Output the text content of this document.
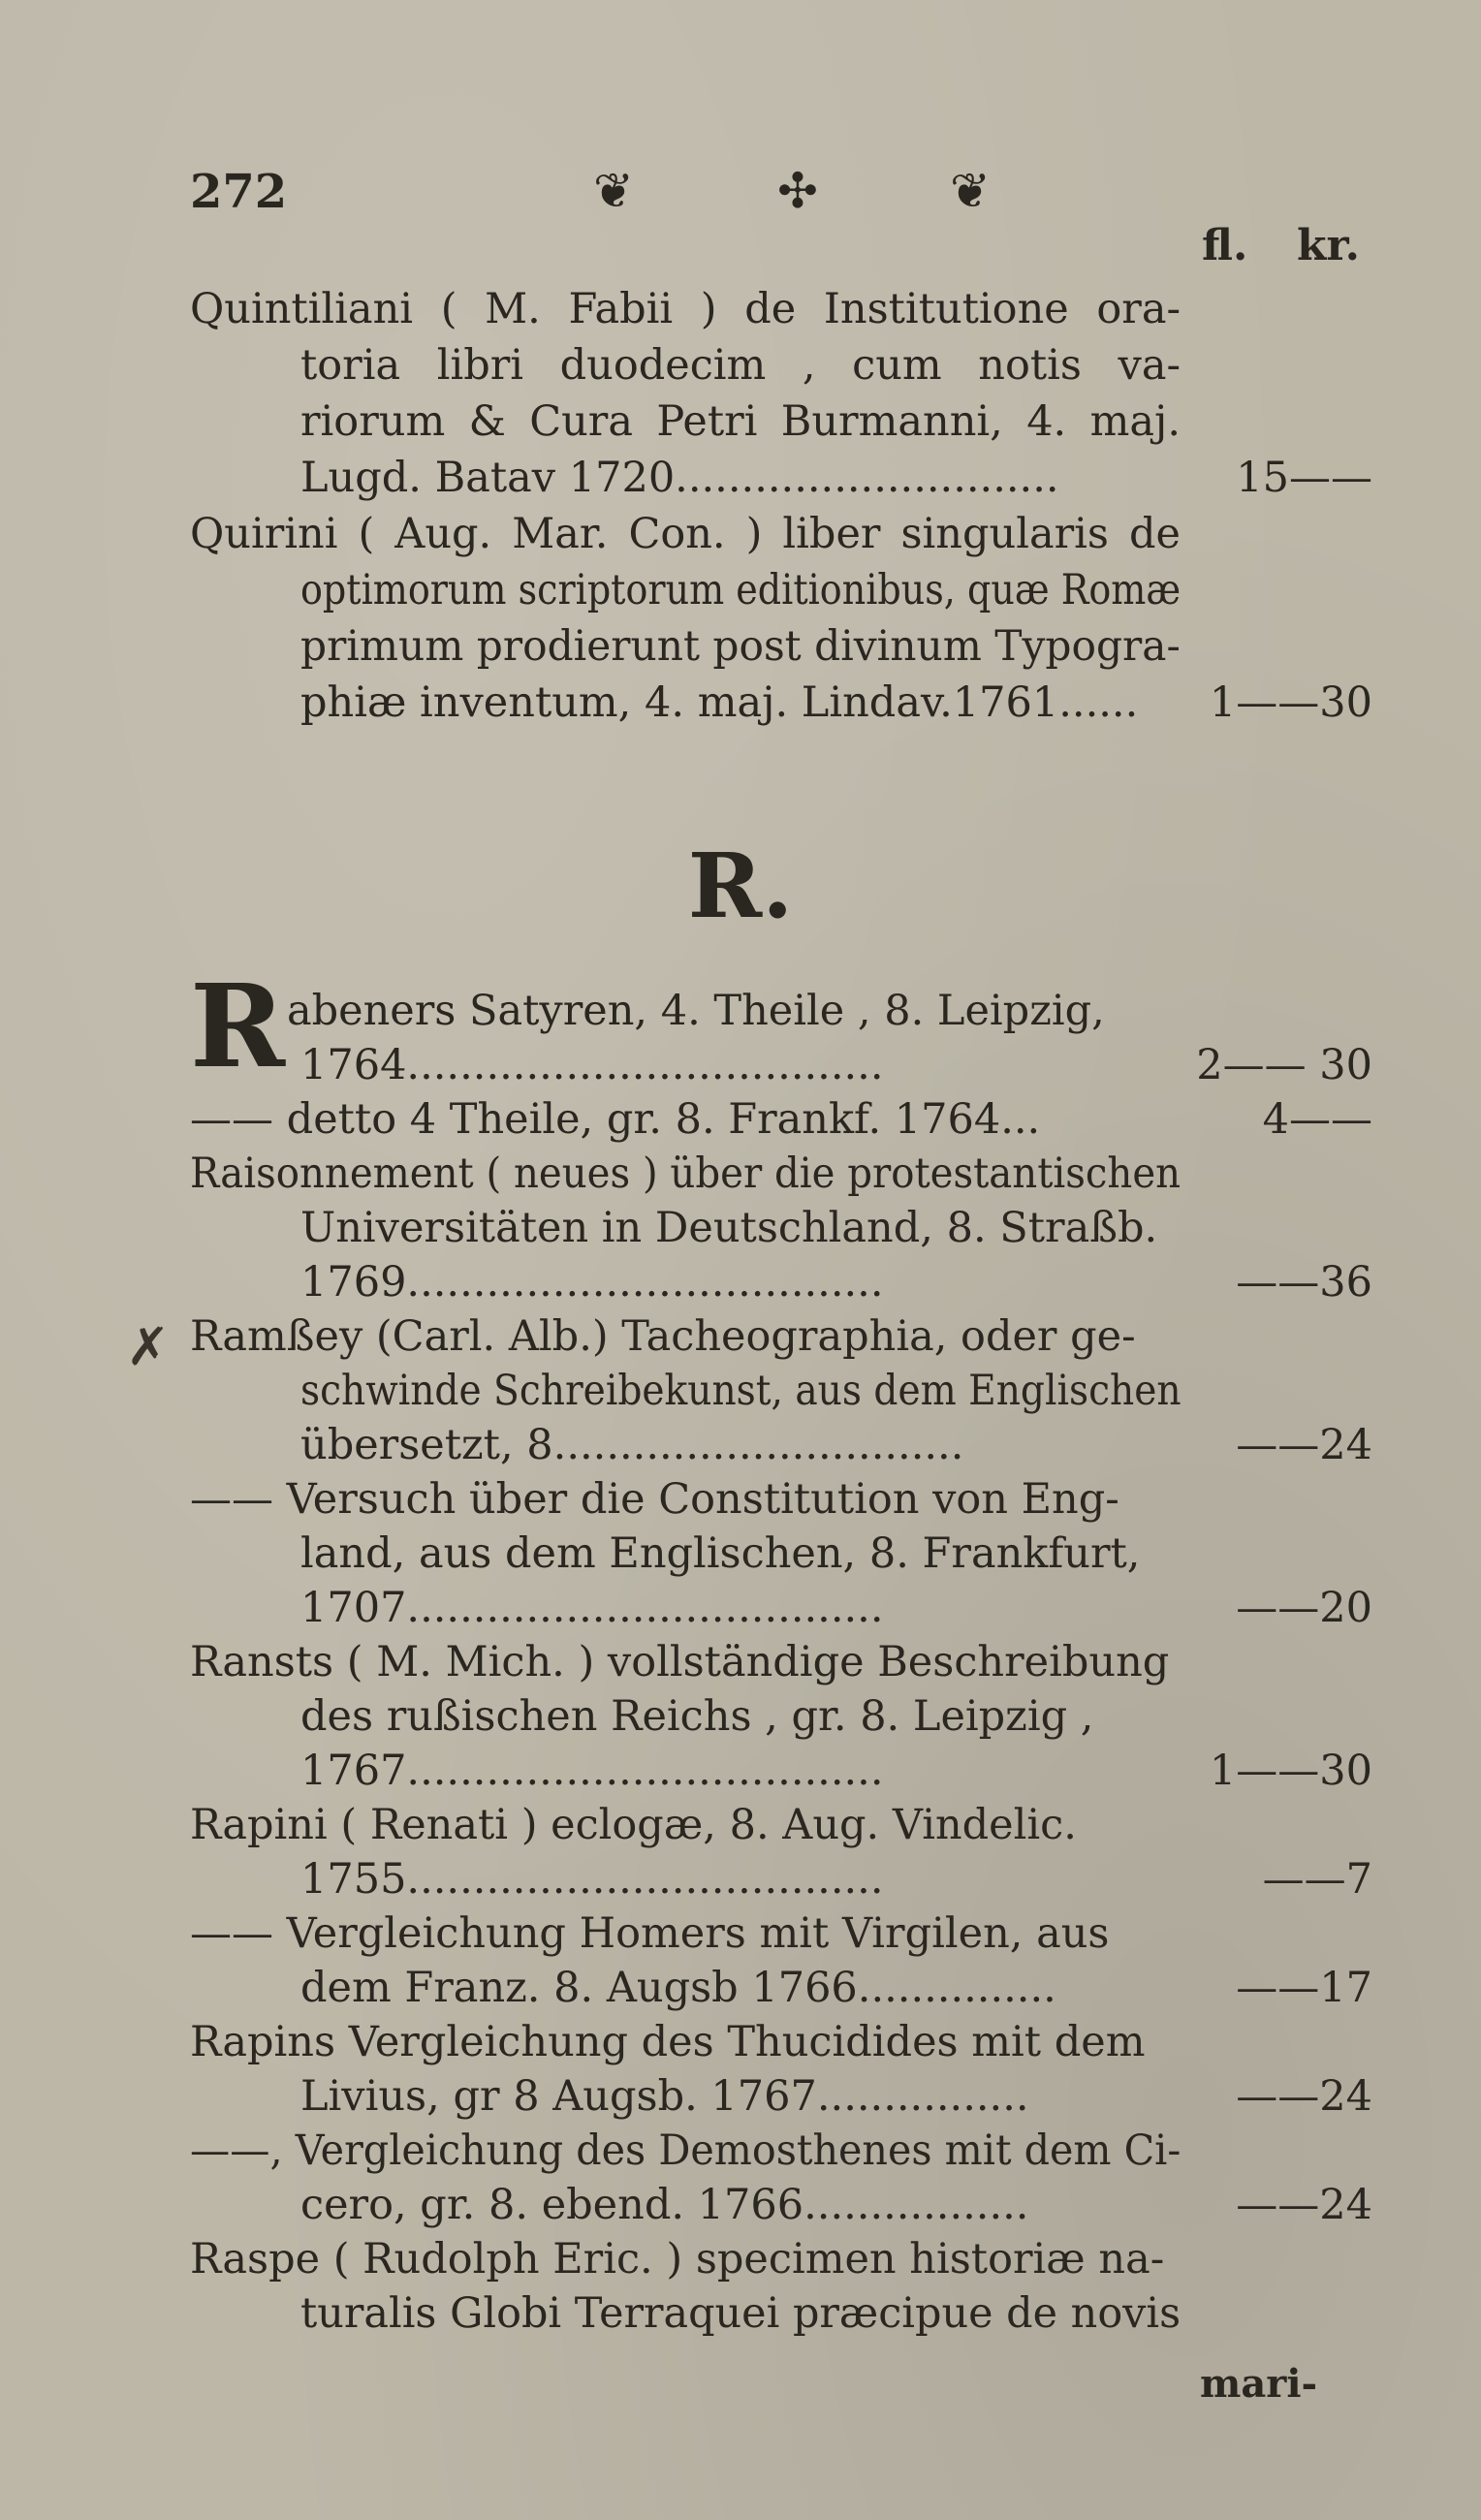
272	❦	✣	❦
fl. kr.
Quintiliani ( M. Fabii ) de Institutione ora-
toria libri duodecim , cum notis va-
riorum & Cura Petri Burmanni, 4. maj.
Lugd. Batav 1720.............................	15——
Quirini ( Aug. Mar. Con. ) liber singularis de
optimorum scriptorum editionibus, quæ Romæ
primum prodierunt post divinum Typogra-
phiæ inventum, 4. maj. Lindav.1761......	1——30
R.
R
✗
abeners Satyren, 4. Theile , 8. Leipzig,
1764....................................	2—— 30
—— detto 4 Theile, gr. 8. Frankf. 1764...	4——
Raisonnement ( neues ) über die protestantischen
Universitäten in Deutschland, 8. Straßb.
1769....................................	——36
Ramßey (Carl. Alb.) Tacheographia, oder ge-
schwinde Schreibekunst, aus dem Englischen
übersetzt, 8...............................	——24
—— Versuch über die Constitution von Eng-
land, aus dem Englischen, 8. Frankfurt,
1707....................................	——20
Ransts ( M. Mich. ) vollständige Beschreibung
des rußischen Reichs , gr. 8. Leipzig ,
1767....................................	1——30
Rapini ( Renati ) eclogæ, 8. Aug. Vindelic.
1755....................................	——7
—— Vergleichung Homers mit Virgilen, aus
dem Franz. 8. Augsb 1766...............	——17
Rapins Vergleichung des Thucidides mit dem
Livius, gr 8 Augsb. 1767................	——24
——, Vergleichung des Demosthenes mit dem Ci-
cero, gr. 8. ebend. 1766.................	——24
Raspe ( Rudolph Eric. ) specimen historiæ na-
turalis Globi Terraquei præcipue de novis
mari-
